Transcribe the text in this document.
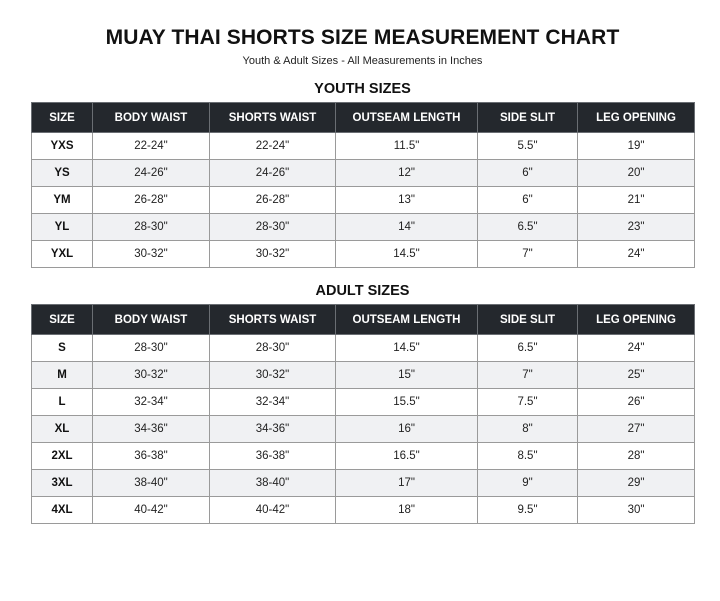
MUAY THAI SHORTS SIZE MEASUREMENT CHART
Youth & Adult Sizes - All Measurements in Inches
YOUTH SIZES
SIZE	BODY WAIST	SHORTS WAIST	OUTSEAM LENGTH	SIDE SLIT	LEG OPENING
YXS	22-24"	22-24"	11.5"	5.5"	19"
YS	24-26"	24-26"	12"	6"	20"
YM	26-28"	26-28"	13"	6"	21"
YL	28-30"	28-30"	14"	6.5"	23"
YXL	30-32"	30-32"	14.5"	7"	24"
ADULT SIZES
SIZE	BODY WAIST	SHORTS WAIST	OUTSEAM LENGTH	SIDE SLIT	LEG OPENING
S	28-30"	28-30"	14.5"	6.5"	24"
M	30-32"	30-32"	15"	7"	25"
L	32-34"	32-34"	15.5"	7.5"	26"
XL	34-36"	34-36"	16"	8"	27"
2XL	36-38"	36-38"	16.5"	8.5"	28"
3XL	38-40"	38-40"	17"	9"	29"
4XL	40-42"	40-42"	18"	9.5"	30"
